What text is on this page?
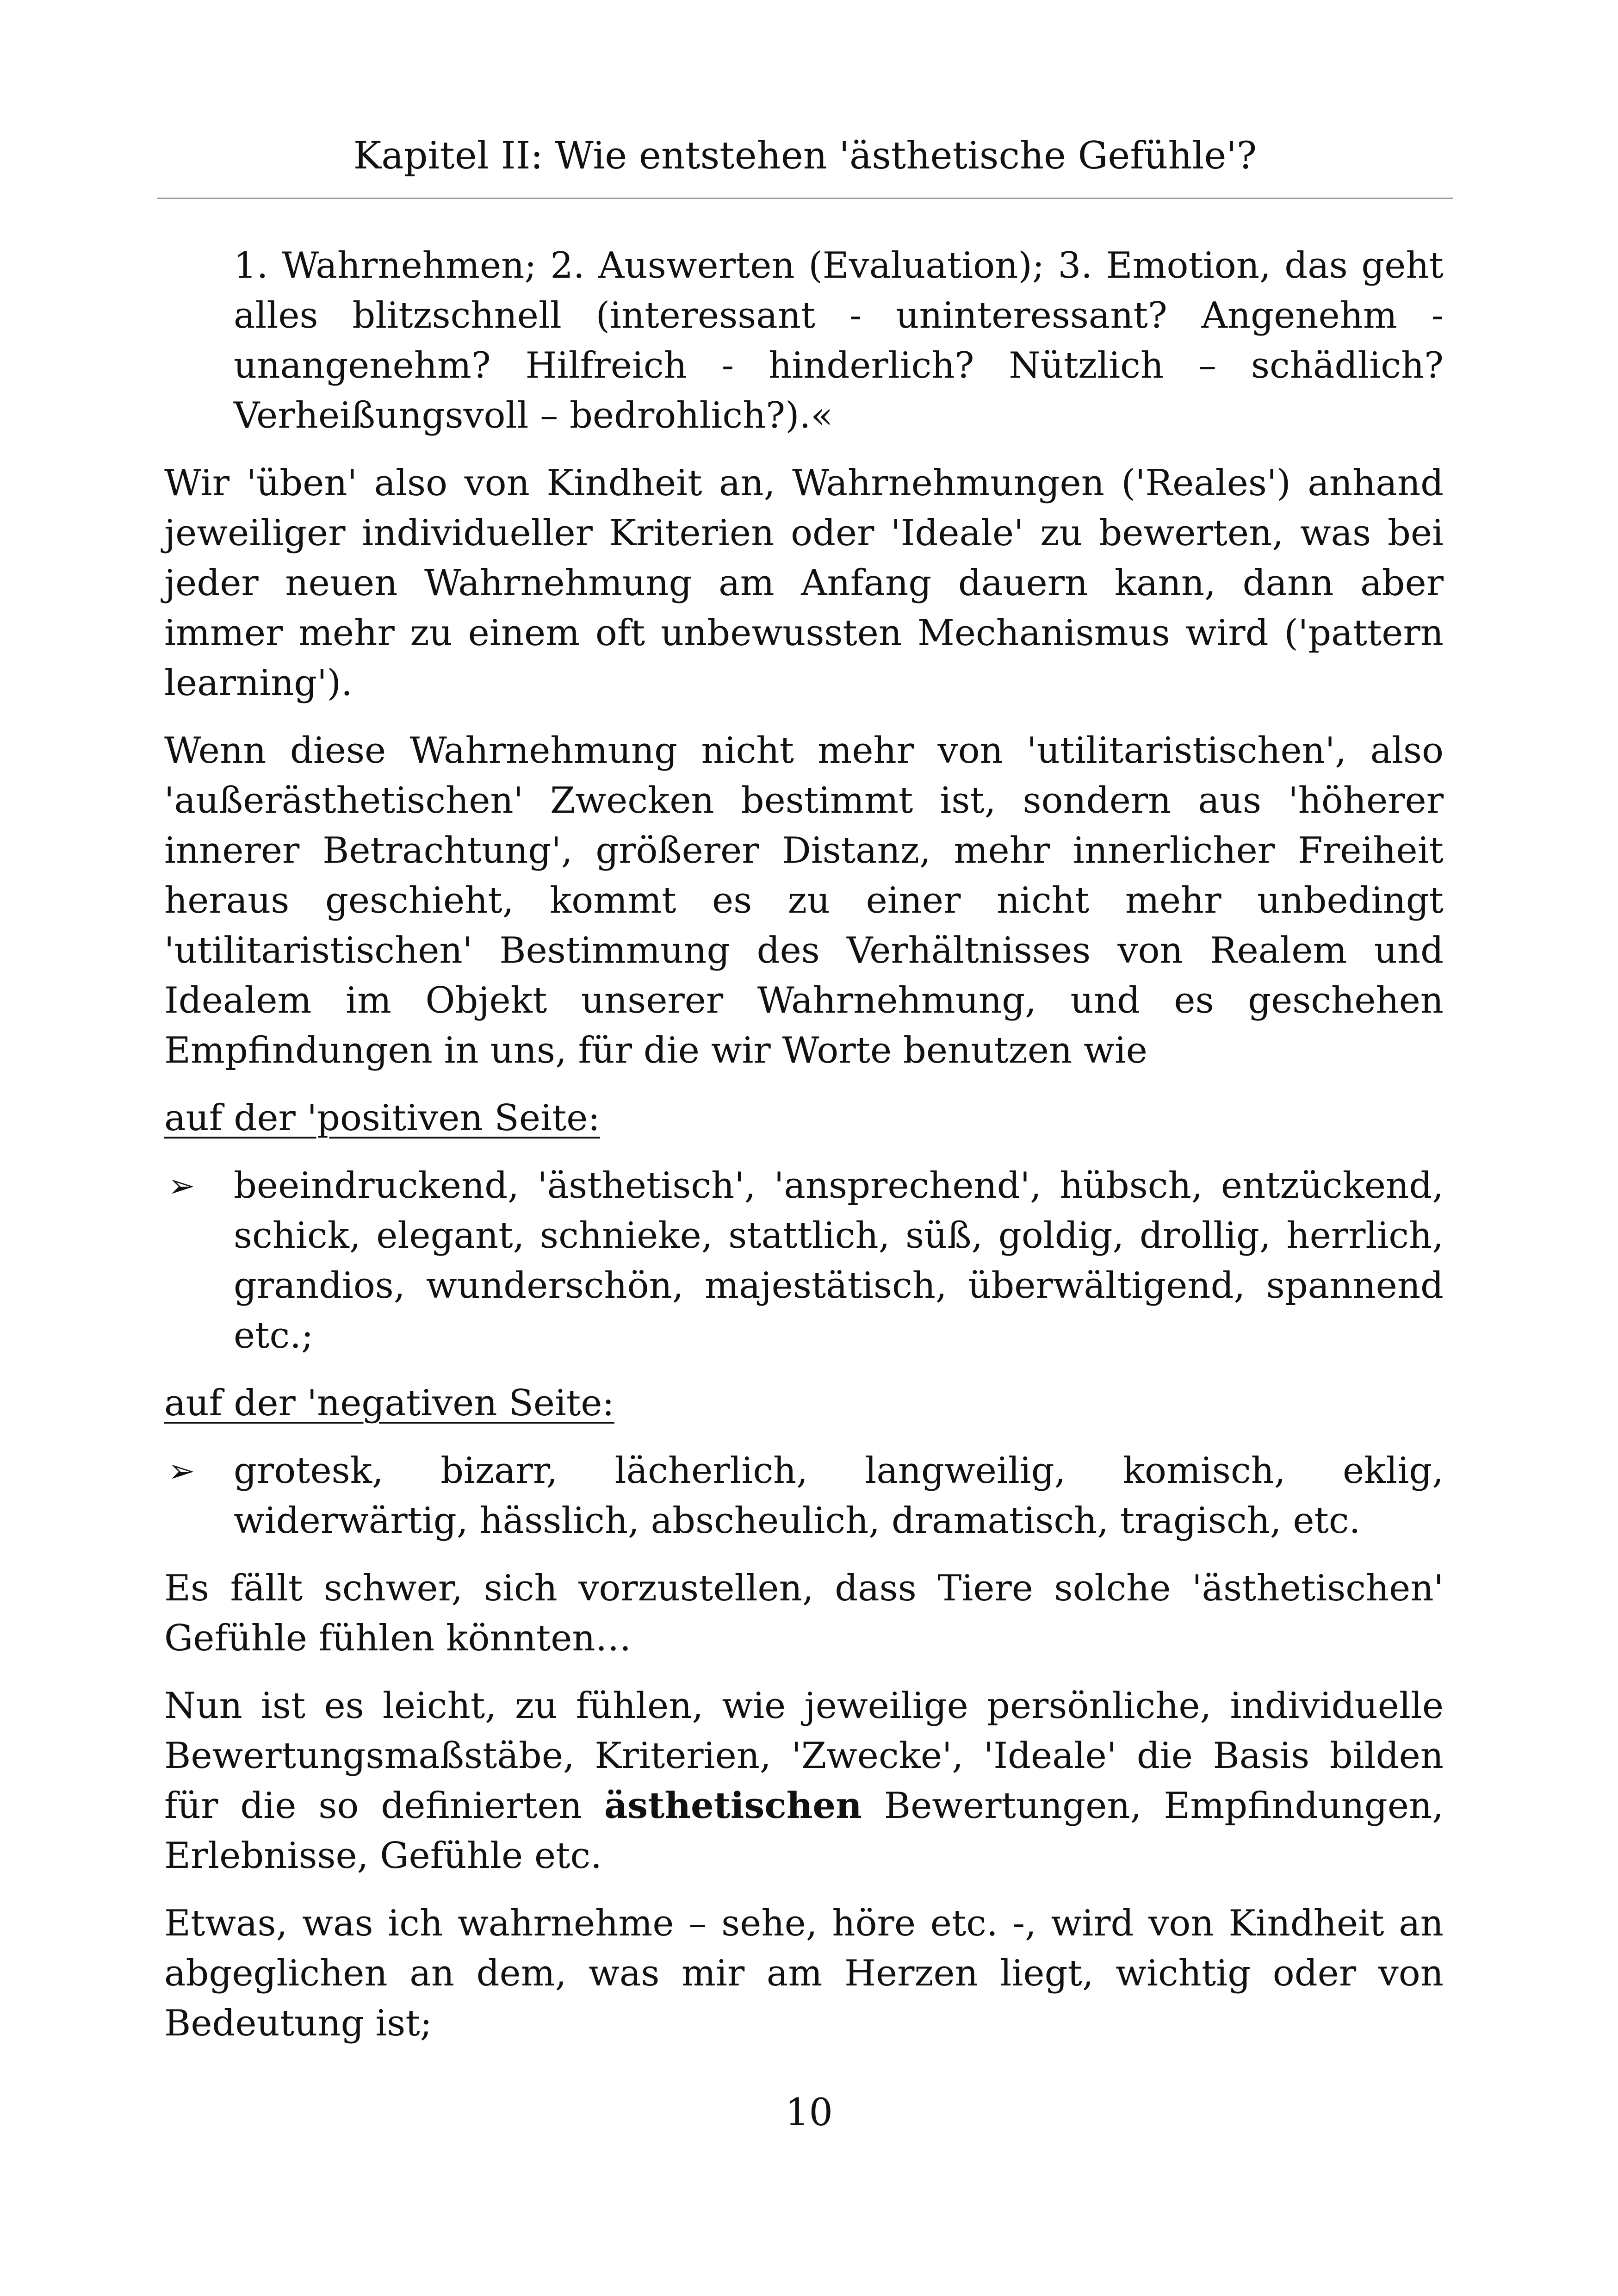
Kapitel II: Wie entstehen 'ästhetische Gefühle'?

1. Wahrnehmen; 2. Auswerten (Evaluation); 3. Emotion, das geht alles blitzschnell (interessant - uninteressant? Angenehm - unangenehm? Hilfreich - hinderlich? Nützlich – schädlich? Verheißungsvoll – bedrohlich?).«

Wir 'üben' also von Kindheit an, Wahrnehmungen ('Reales') anhand jeweiliger individueller Kriterien oder 'Ideale' zu bewerten, was bei jeder neuen Wahrnehmung am Anfang dauern kann, dann aber immer mehr zu einem oft unbewussten Mechanismus wird ('pattern learning').

Wenn diese Wahrnehmung nicht mehr von 'utilitaristischen', also 'außerästhetischen' Zwecken bestimmt ist, sondern aus 'höherer innerer Betrachtung', größerer Distanz, mehr innerlicher Freiheit heraus geschieht, kommt es zu einer nicht mehr unbedingt 'utilitaristischen' Bestimmung des Verhältnisses von Realem und Idealem im Objekt unserer Wahrnehmung, und es geschehen Empfindungen in uns, für die wir Worte benutzen wie

auf der 'positiven Seite:

➢ beeindruckend, 'ästhetisch', 'ansprechend', hübsch, entzückend, schick, elegant, schnieke, stattlich, süß, goldig, drollig, herrlich, grandios, wunderschön, majestätisch, überwältigend, spannend etc.;

auf der 'negativen Seite:

➢ grotesk, bizarr, lächerlich, langweilig, komisch, eklig, widerwärtig, hässlich, abscheulich, dramatisch, tragisch, etc.

Es fällt schwer, sich vorzustellen, dass Tiere solche 'ästhetischen' Gefühle fühlen könnten…

Nun ist es leicht, zu fühlen, wie jeweilige persönliche, individuelle Bewertungsmaßstäbe, Kriterien, 'Zwecke', 'Ideale' die Basis bilden für die so definierten ästhetischen Bewertungen, Empfindungen, Erlebnisse, Gefühle etc.

Etwas, was ich wahrnehme – sehe, höre etc. -, wird von Kindheit an abgeglichen an dem, was mir am Herzen liegt, wichtig oder von Bedeutung ist;

10
